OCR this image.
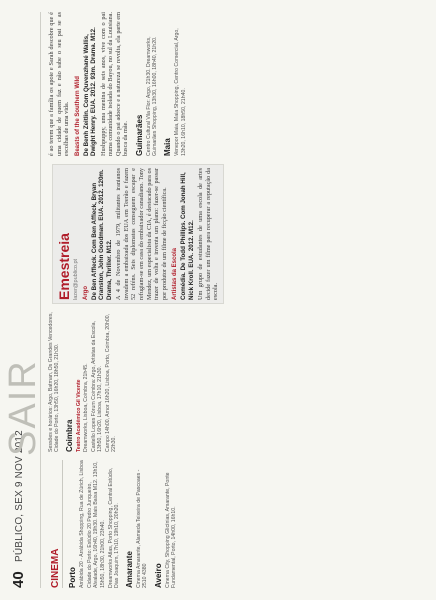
40
PÚBLICO, SEX 9 NOV 2012
SAIR
CINEMA Porto Arrábida 20 - Arrábida Shopping, Rua de Zürich, Lisboa Cidade do Porto: Estúdio 20 Pedro Junqueiro, Alvalade, Argo, 16h40, 19h30. Mais Baixa M12. 13h10, 15h50, 18h30, 21h00, 23h40. Dreamworks Atlas, Porto Shopping, Central Estúdio, Dias Joaquim, 17h10, 19h10, 20h20. Amarante Cinema Amarante, Alameda Teixeira de Pascoaes - 2510 4380 Aveiro Cinema City, Shopping Glicínias, Amarante, Ponte Fundamental, Porto, 14h00, 16h10.

Sessões e horários: Argo, Batman, Os Grandes Vencedores, Cidade do Porto, 13h50, 16h20, 18h50, 21h30. Coimbra Teatro Académico Gil Vicente Dreamworks, Lisboa, Coimbra, 21h45. Castello Lopes Fórum Coimbra: Argo, Artistas da Escola, 13h50, 16h20, Lisboa, 17h10, 21h30. Campo 14h00, Amor 16h20, Lisboa, Porto, Coimbra, 20h00, 22h30.

Emestreia lazer@publico.pt Argo De Ben Affleck. Com Ben Affleck, Bryan Cranston, John Goodman. EUA. 2012. 120m. Drama, Thriller. M12. A 4 de Novembro de 1979, militantes iranianos invadem a embaixada dos EUA em Teerão e fazem 52 reféns. Seis diplomatas conseguem escapar e refugiam-se em casa do embaixador canadiano. Tony Mendez, um especialista da CIA, é destacado para os trazer de volta e inventa um plano: fazer-se passar por produtor de um filme de ficção científica. Artistas da Escola Comédia. De Todd Phillips. Com Jonah Hill, Nick Kroll. EUA. 2012. M12. Um grupo de estudantes de uma escola de artes decide fazer um filme para recuperar a reputação da escola.

é ao terem que a família os apoie e Sarah descobre que é uma cidade de quem faz e não sabe o seu pai se as escolhas de uma vida. Beasts of the Southern Wild De Benh Zeitlin. Com Quvenzhané Wallis, Dwight Henry. EUA. 2012. 93m. Drama. M12. Hushpuppy, uma menina de seis anos, vive com o pai numa comunidade isolada do Bayou, no sul da Louisiana. Quando o pai adoece e a natureza se revolta, ela parte em busca da mãe. Guimarães Centro Cultural Vila Flor: Argo, 21h30. Dreamworks, Guimarães Shopping, 13h30, 16h00, 18h40, 21h20. Maia Venepor Maia, Maia Shopping, Centro Comercial, Argo, 13h20, 16h10, 18h50, 21h40.
